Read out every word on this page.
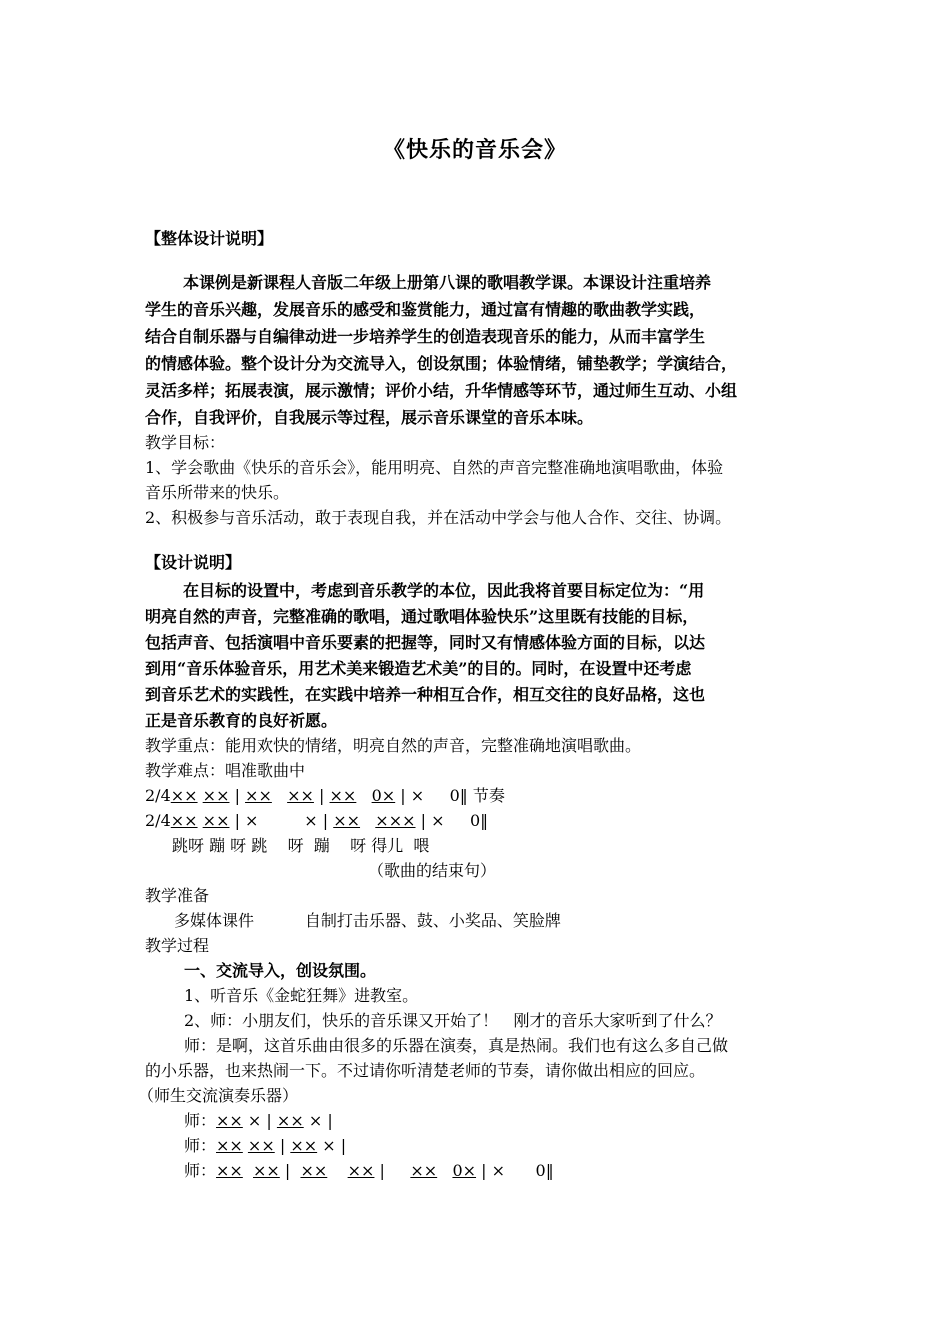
《快乐的音乐会》
【整体设计说明】
本课例是新课程人音版二年级上册第八课的歌唱教学课。本课设计注重培养
学生的音乐兴趣，发展音乐的感受和鉴赏能力，通过富有情趣的歌曲教学实践，
结合自制乐器与自编律动进一步培养学生的创造表现音乐的能力，从而丰富学生
的情感体验。整个设计分为交流导入，创设氛围；体验情绪，铺垫教学；学演结合，
灵活多样；拓展表演，展示激情；评价小结，升华情感等环节，通过师生互动、小组
合作，自我评价，自我展示等过程，展示音乐课堂的音乐本味。
教学目标：
1、学会歌曲《快乐的音乐会》，能用明亮、自然的声音完整准确地演唱歌曲，体验
音乐所带来的快乐。
2、积极参与音乐活动，敢于表现自我，并在活动中学会与他人合作、交往、协调。
【设计说明】
在目标的设置中，考虑到音乐教学的本位，因此我将首要目标定位为：“用
明亮自然的声音，完整准确的歌唱，通过歌唱体验快乐”这里既有技能的目标，
包括声音、包括演唱中音乐要素的把握等，同时又有情感体验方面的目标，以达
到用“音乐体验音乐，用艺术美来锻造艺术美”的目的。同时，在设置中还考虑
到音乐艺术的实践性，在实践中培养一种相互合作，相互交往的良好品格，这也
正是音乐教育的良好祈愿。
教学重点：能用欢快的情绪，明亮自然的声音，完整准确地演唱歌曲。
教学难点：唱准歌曲中
2/4×× ×× | ×× ×× | ×× 0× | × 0‖ 节奏
2/4×× ×× | ×	× | ×× ××× | × 0‖
跳呀 蹦 呀 跳    呀  蹦    呀 得儿  喂
（歌曲的结束句）
教学准备
多媒体课件          自制打击乐器、鼓、小奖品、笑脸牌
教学过程
一、交流导入，创设氛围。
1、听音乐《金蛇狂舞》进教室。
2、师：小朋友们，快乐的音乐课又开始了！   刚才的音乐大家听到了什么？
师：是啊，这首乐曲由很多的乐器在演奏，真是热闹。我们也有这么多自己做
的小乐器，也来热闹一下。不过请你听清楚老师的节奏，请你做出相应的回应。
（师生交流演奏乐器）
师：×× × | ×× × |
师：×× ×× | ×× × |
师：×× ×× | ×× ×× | ×× 0× | × 0‖
